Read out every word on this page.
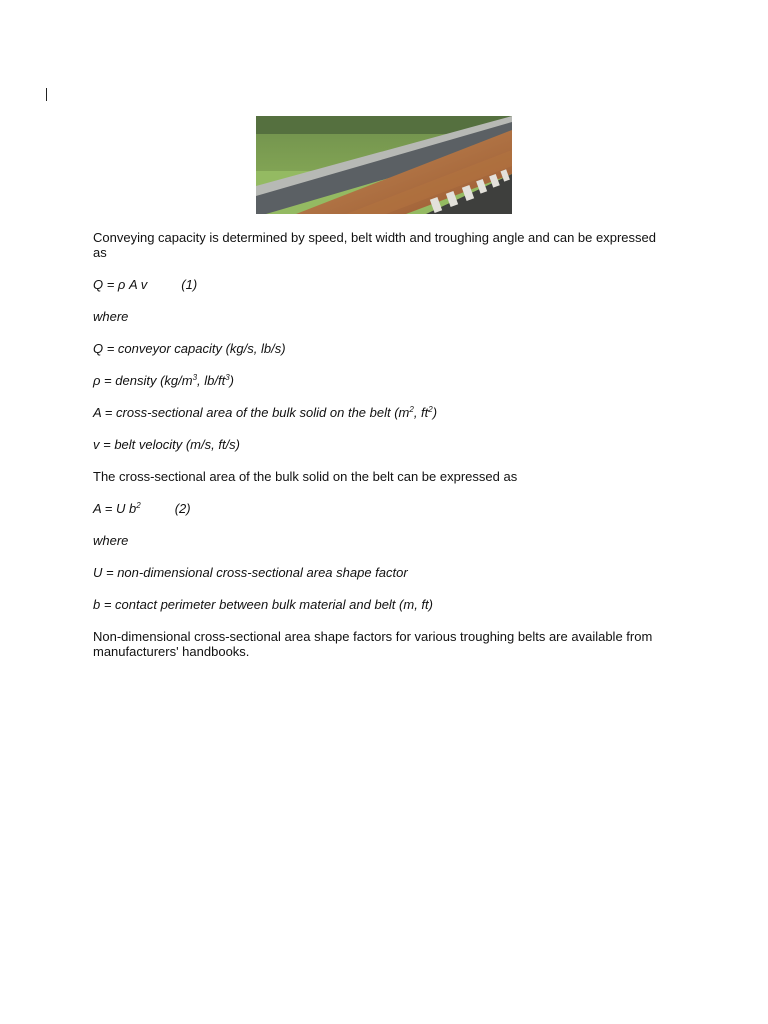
Conveying capacity is determined by speed, belt width and troughing angle and can be expressed as

Q = ρ A v	(1)

where

Q = conveyor capacity (kg/s, lb/s)

ρ = density ($kg/m^3$, $lb/ft^3$)

A = cross-sectional area of the bulk solid on the belt ($m^2$, $ft^2$)

v = belt velocity (m/s, ft/s)

The cross-sectional area of the bulk solid on the belt can be expressed as

A = U $b^2$	(2)

where

U = non-dimensional cross-sectional area shape factor

b = contact perimeter between bulk material and belt (m, ft)

Non-dimensional cross-sectional area shape factors for various troughing belts are available from manufacturers' handbooks.
